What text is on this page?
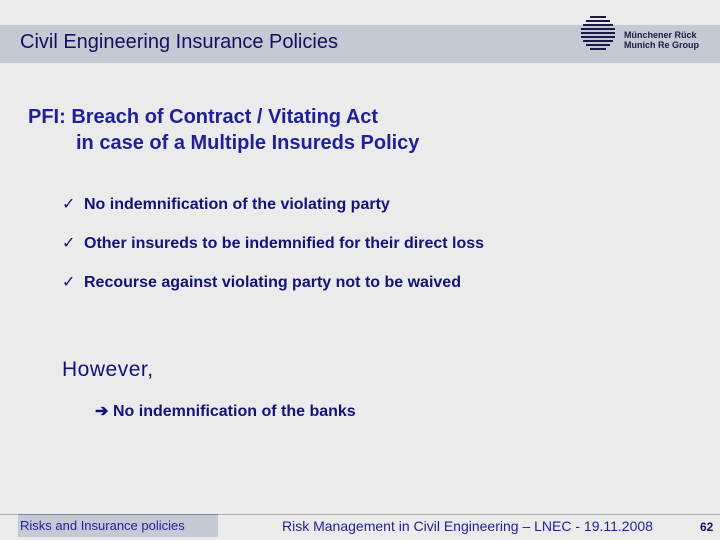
Civil Engineering Insurance Policies	Münchener Rück
Munich Re Group
PFI: Breach of Contract / Vitating Act
in case of a Multiple Insureds Policy
✓ No indemnification of the violating party
✓ Other insureds to be indemnified for their direct loss
✓ Recourse against violating party not to be waived
However,
➔ No indemnification of the banks
Risks and Insurance policies	Risk Management in Civil Engineering – LNEC - 19.11.2008	62
